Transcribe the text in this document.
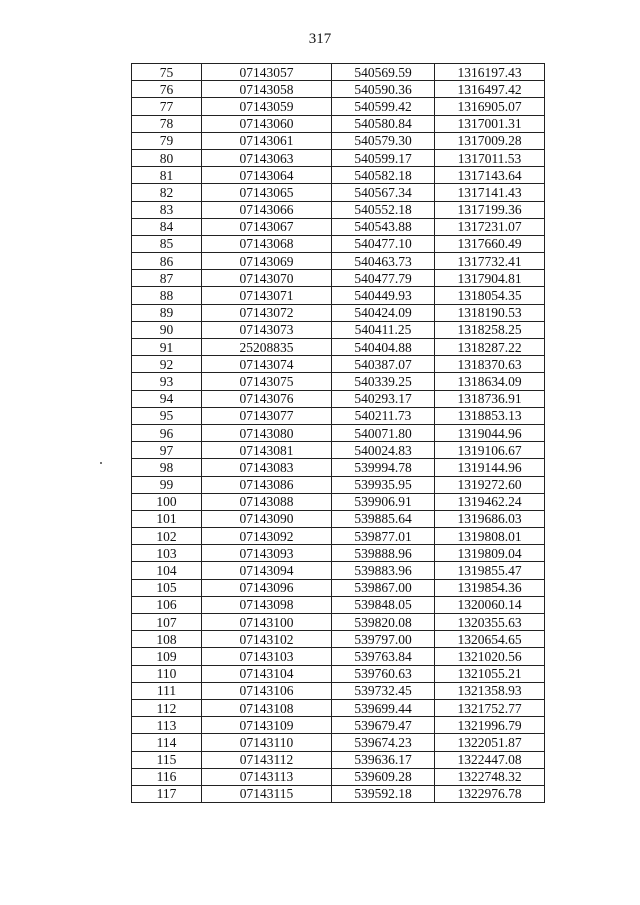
317
75	07143057	540569.59	1316197.43
76	07143058	540590.36	1316497.42
77	07143059	540599.42	1316905.07
78	07143060	540580.84	1317001.31
79	07143061	540579.30	1317009.28
80	07143063	540599.17	1317011.53
81	07143064	540582.18	1317143.64
82	07143065	540567.34	1317141.43
83	07143066	540552.18	1317199.36
84	07143067	540543.88	1317231.07
85	07143068	540477.10	1317660.49
86	07143069	540463.73	1317732.41
87	07143070	540477.79	1317904.81
88	07143071	540449.93	1318054.35
89	07143072	540424.09	1318190.53
90	07143073	540411.25	1318258.25
91	25208835	540404.88	1318287.22
92	07143074	540387.07	1318370.63
93	07143075	540339.25	1318634.09
94	07143076	540293.17	1318736.91
95	07143077	540211.73	1318853.13
96	07143080	540071.80	1319044.96
97	07143081	540024.83	1319106.67
98	07143083	539994.78	1319144.96
99	07143086	539935.95	1319272.60
100	07143088	539906.91	1319462.24
101	07143090	539885.64	1319686.03
102	07143092	539877.01	1319808.01
103	07143093	539888.96	1319809.04
104	07143094	539883.96	1319855.47
105	07143096	539867.00	1319854.36
106	07143098	539848.05	1320060.14
107	07143100	539820.08	1320355.63
108	07143102	539797.00	1320654.65
109	07143103	539763.84	1321020.56
110	07143104	539760.63	1321055.21
111	07143106	539732.45	1321358.93
112	07143108	539699.44	1321752.77
113	07143109	539679.47	1321996.79
114	07143110	539674.23	1322051.87
115	07143112	539636.17	1322447.08
116	07143113	539609.28	1322748.32
117	07143115	539592.18	1322976.78
